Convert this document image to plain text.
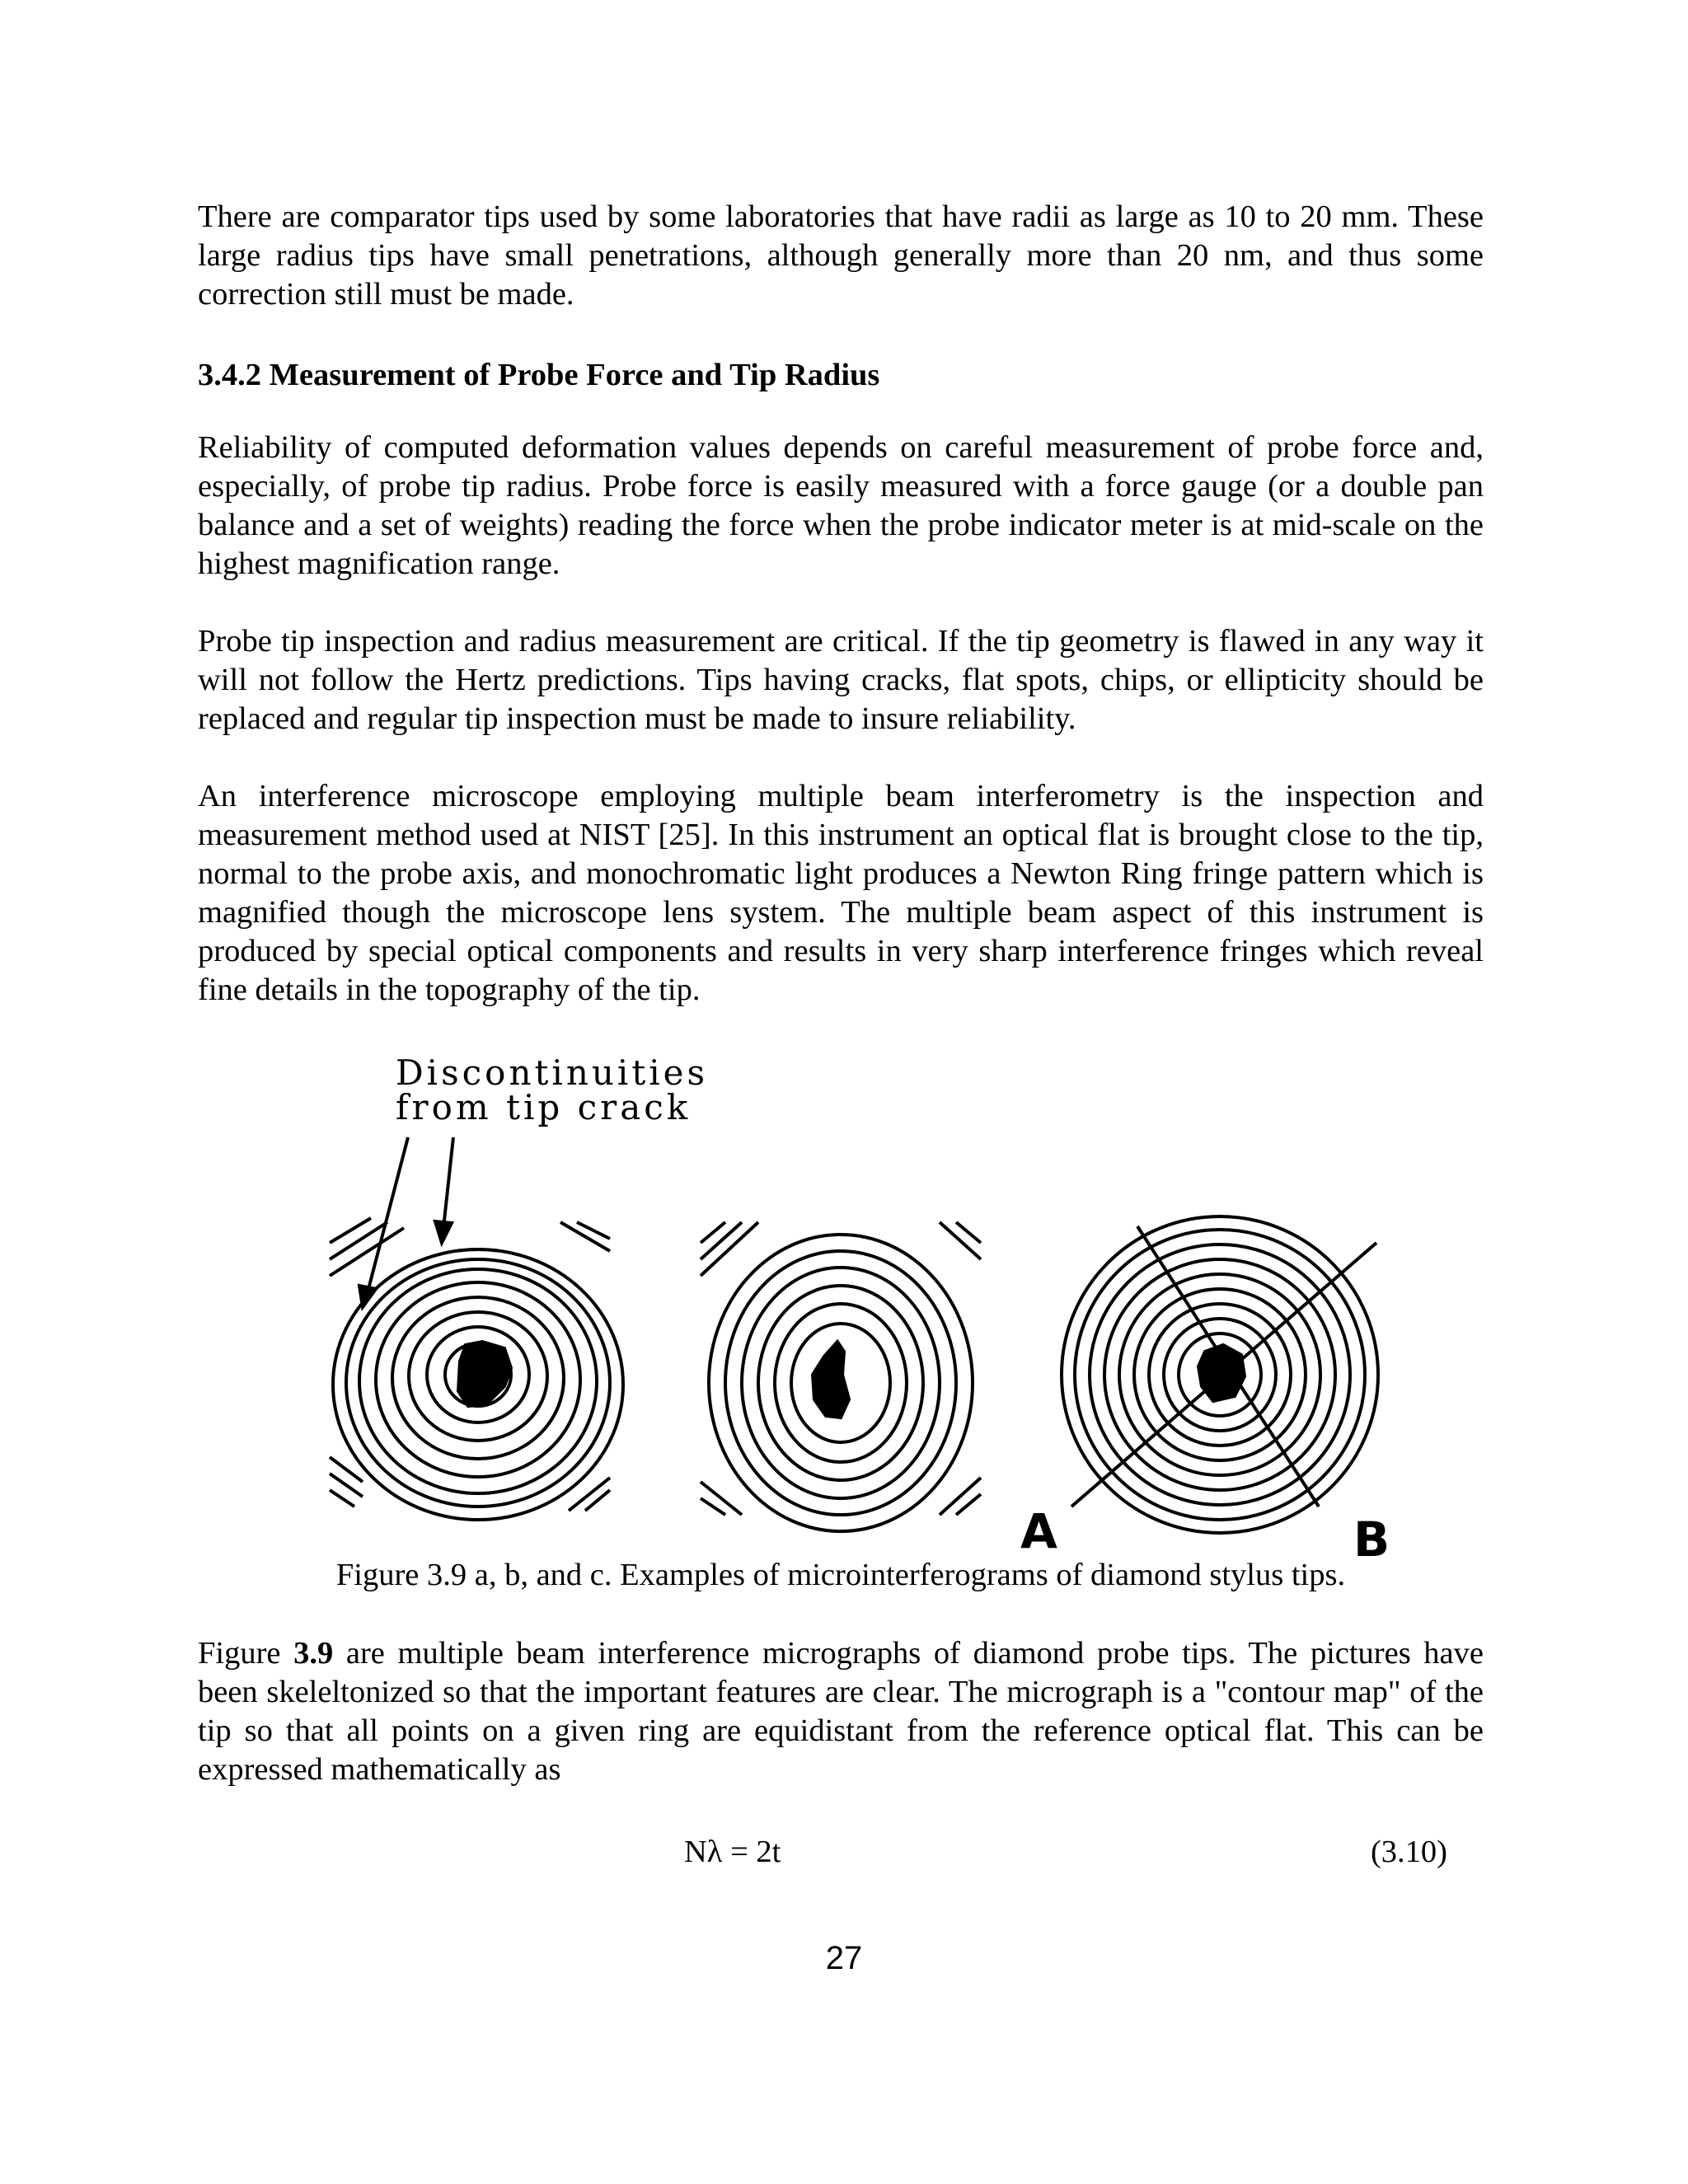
There are comparator tips used by some laboratories that have radii as large as 10 to 20 mm. These large radius tips have small penetrations, although generally more than 20 nm, and thus some correction still must be made.

3.4.2 Measurement of Probe Force and Tip Radius

Reliability of computed deformation values depends on careful measurement of probe force and, especially, of probe tip radius. Probe force is easily measured with a force gauge (or a double pan balance and a set of weights) reading the force when the probe indicator meter is at mid-scale on the highest magnification range.

Probe tip inspection and radius measurement are critical. If the tip geometry is flawed in any way it will not follow the Hertz predictions. Tips having cracks, flat spots, chips, or ellipticity should be replaced and regular tip inspection must be made to insure reliability.

An interference microscope employing multiple beam interferometry is the inspection and measurement method used at NIST [25]. In this instrument an optical flat is brought close to the tip, normal to the probe axis, and monochromatic light produces a Newton Ring fringe pattern which is magnified though the microscope lens system. The multiple beam aspect of this instrument is produced by special optical components and results in very sharp interference fringes which reveal fine details in the topography of the tip.

Discontinuities
from tip crack
A	B

Figure 3.9 a, b, and c. Examples of microinterferograms of diamond stylus tips.

Figure 3.9 are multiple beam interference micrographs of diamond probe tips. The pictures have been skeleltonized so that the important features are clear. The micrograph is a "contour map" of the tip so that all points on a given ring are equidistant from the reference optical flat. This can be expressed mathematically as

Nλ = 2t	(3.10)
27
